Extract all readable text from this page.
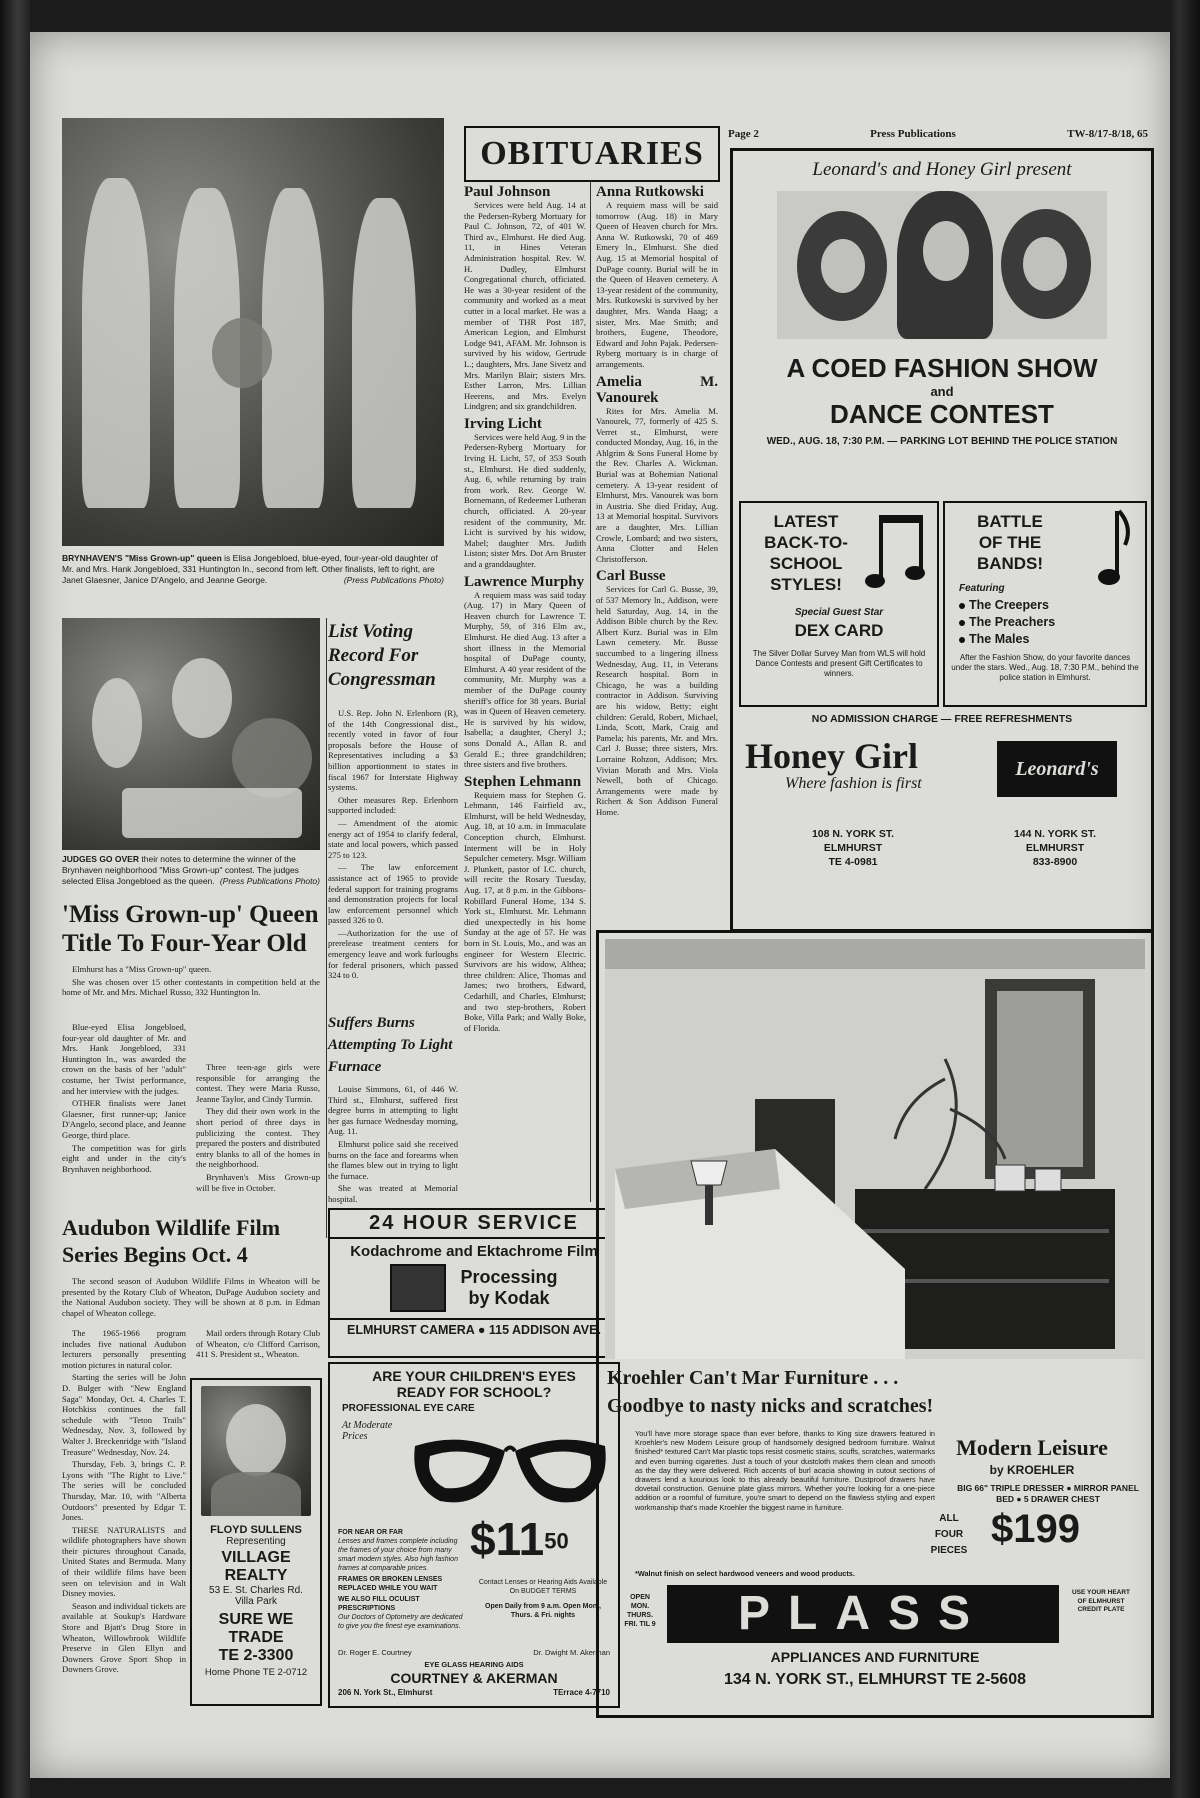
BRYNHAVEN'S "Miss Grown-up" queen is Elisa Jongebloed, blue-eyed, four-year-old daughter of Mr. and Mrs. Hank Jongebloed, 331 Huntington ln., second from left. Other finalists, left to right, are Janet Glaesner, Janice D'Angelo, and Jeanne George.	(Press Publications Photo)
JUDGES GO OVER their notes to determine the winner of the Brynhaven neighborhood "Miss Grown-up" contest. The judges selected Elisa Jongebloed as the queen. (Press Publications Photo)
'Miss Grown-up' Queen Title To Four-Year Old

Elmhurst has a "Miss Grown-up" queen.

She was chosen over 15 other contestants in competition held at the home of Mr. and Mrs. Michael Russo, 332 Huntington ln.

Blue-eyed Elisa Jongebloed, four-year old daughter of Mr. and Mrs. Hank Jongebloed, 331 Huntington ln., was awarded the crown on the basis of her "adult" costume, her Twist performance, and her interview with the judges.

OTHER finalists were Janet Glaesner, first runner-up; Janice D'Angelo, second place, and Jeanne George, third place.

The competition was for girls eight and under in the city's Brynhaven neighborhood.

Three teen-age girls were responsible for arranging the contest. They were Maria Russo, Jeanne Taylor, and Cindy Turmin.

They did their own work in the short period of three days in publicizing the contest. They prepared the posters and distributed entry blanks to all of the homes in the neighborhood.

Brynhaven's Miss Grown-up will be five in October.

Audubon Wildlife Film Series Begins Oct. 4

The second season of Audubon Wildlife Films in Wheaton will be presented by the Rotary Club of Wheaton, DuPage Audubon society and the National Audubon society. They will be shown at 8 p.m. in Edman chapel of Wheaton college.

The 1965-1966 program includes five national Audubon lecturers personally presenting motion pictures in natural color.

Starting the series will be John D. Bulger with "New England Saga" Monday, Oct. 4. Charles T. Hotchkiss continues the fall schedule with "Teton Trails" Wednesday, Nov. 3, followed by Walter J. Breckenridge with "Island Treasure" Wednesday, Nov. 24.

Thursday, Feb. 3, brings C. P. Lyons with "The Right to Live." The series will be concluded Thursday, Mar. 10, with "Alberta Outdoors" presented by Edgar T. Jones.

THESE NATURALISTS and wildlife photographers have shown their pictures throughout Canada, United States and Bermuda. Many of their wildlife films have been seen on television and in Walt Disney movies.

Season and individual tickets are available at Soukup's Hardware Store and Bjatt's Drug Store in Wheaton, Willowbrook Wildlife Preserve in Glen Ellyn and Downers Grove Sport Shop in Downers Grove.

Mail orders through Rotary Club of Wheaton, c/o Clifford Carrison, 411 S. President st., Wheaton.

FLOYD SULLENS
Representing
VILLAGE REALTY
53 E. St. Charles Rd.
Villa Park
SURE WE TRADE
TE 2-3300
Home Phone TE 2-0712
List Voting Record For Congressman

U.S. Rep. John N. Erlenborn (R), of the 14th Congressional dist., recently voted in favor of four proposals before the House of Representatives including a $3 billion apportionment to states in fiscal 1967 for Interstate Highway systems.

Other measures Rep. Erlenborn supported included:

— Amendment of the atomic energy act of 1954 to clarify federal, state and local powers, which passed 275 to 123.

— The law enforcement assistance act of 1965 to provide federal support for training programs and demonstration projects for local law enforcement personnel which passed 326 to 0.

—Authorization for the use of prerelease treatment centers for emergency leave and work furloughs for federal prisoners, which passed 324 to 0.

Suffers Burns Attempting To Light Furnace

Louise Simmons, 61, of 446 W. Third st., Elmhurst, suffered first degree burns in attempting to light her gas furnace Wednesday morning, Aug. 11.

Elmhurst police said she received burns on the face and forearms when the flames blew out in trying to light the furnace.

She was treated at Memorial hospital.

OBITUARIES
Paul Johnson

Services were held Aug. 14 at the Pedersen-Ryberg Mortuary for Paul C. Johnson, 72, of 401 W. Third av., Elmhurst. He died Aug. 11, in Hines Veteran Administration hospital. Rev. W. H. Dudley, Elmhurst Congregational church, officiated. He was a 30-year resident of the community and worked as a meat cutter in a local market. He was a member of THR Post 187, American Legion, and Elmhurst Lodge 941, AFAM. Mr. Johnson is survived by his widow, Gertrude L.; daughters, Mrs. Jane Sivetz and Mrs. Marilyn Blair; sisters Mrs. Esther Larron, Mrs. Lillian Heerens, and Mrs. Evelyn Lindgren; and six grandchildren.

Irving Licht

Services were held Aug. 9 in the Pedersen-Ryberg Mortuary for Irving H. Licht, 57, of 353 South st., Elmhurst. He died suddenly, Aug. 6, while returning by train from work. Rev. George W. Bornemann, of Redeemer Lutheran church, officiated. A 20-year resident of the community, Mr. Licht is survived by his widow, Mabel; daughter Mrs. Judith Liston; sister Mrs. Dot Arn Bruster and a granddaughter.

Lawrence Murphy

A requiem mass was said today (Aug. 17) in Mary Queen of Heaven church for Lawrence T. Murphy, 59, of 316 Elm av., Elmhurst. He died Aug. 13 after a short illness in the Memorial hospital of DuPage county, Elmhurst. A 40 year resident of the community, Mr. Murphy was a member of the DuPage county sheriff's office for 38 years. Burial was in Queen of Heaven cemetery. He is survived by his widow, Isabella; a daughter, Cheryl J.; sons Donald A., Allan R. and Gerald E.; three grandchildren; three sisters and five brothers.

Stephen Lehmann

Requiem mass for Stephen G. Lehmann, 146 Fairfield av., Elmhurst, will be held Wednesday, Aug. 18, at 10 a.m. in Immaculate Conception church, Elmhurst. Interment will be in Holy Sepulcher cemetery. Msgr. William J. Plunkett, pastor of I.C. church, will recite the Rosary Tuesday, Aug. 17, at 8 p.m. in the Gibbons-Robillard Funeral Home, 134 S. York st., Elmhurst. Mr. Lehmann died unexpectedly in his home Sunday at the age of 57. He was born in St. Louis, Mo., and was an engineer for Western Electric. Survivors are his widow, Althea; three children: Alice, Thomas and James; two brothers, Edward, Cedarhill, and Charles, Elmhurst; and two step-brothers, Robert Boke, Villa Park; and Wally Boke, of Florida.

Anna Rutkowski

A requiem mass will be said tomorrow (Aug. 18) in Mary Queen of Heaven church for Mrs. Anna W. Rutkowski, 70 of 469 Emery ln., Elmhurst. She died Aug. 15 at Memorial hospital of DuPage county. Burial will be in the Queen of Heaven cemetery. A 13-year resident of the community, Mrs. Rutkowski is survived by her daughter, Mrs. Wanda Haag; a sister, Mrs. Mae Smith; and brothers, Eugene, Theodore, Edward and John Pajak. Pedersen-Ryberg mortuary is in charge of arrangements.

Amelia M. Vanourek

Rites for Mrs. Amelia M. Vanourek, 77, formerly of 425 S. Verret st., Elmhurst, were conducted Monday, Aug. 16, in the Ahlgrim & Sons Funeral Home by the Rev. Charles A. Wickman. Burial was at Bohemian National cemetery. A 13-year resident of Elmhurst, Mrs. Vanourek was born in Austria. She died Friday, Aug. 13 at Memorial hospital. Survivors are a daughter, Mrs. Lillian Crowle, Lombard; and two sisters, Anna Clotter and Helen Christofferson.

Carl Busse

Services for Carl G. Busse, 39, of 537 Memory ln., Addison, were held Saturday, Aug. 14, in the Addison Bible church by the Rev. Albert Kurz. Burial was in Elm Lawn cemetery. Mr. Busse succumbed to a lingering illness Wednesday, Aug. 11, in Veterans Research hospital. Born in Chicago, he was a building contractor in Addison. Surviving are his widow, Betty; eight children: Gerald, Robert, Michael, Linda, Scott, Mark, Craig and Pamela; his parents, Mr. and Mrs. Carl J. Busse; three sisters, Mrs. Lorraine Rohzon, Addison; Mrs. Vivian Morath and Mrs. Viola Newell, both of Chicago. Arrangements were made by Richert & Son Addison Funeral Home.

24 HOUR SERVICE
Kodachrome and Ektachrome Film
Processing
by Kodak
ELMHURST CAMERA ● 115 ADDISON AVE.
ARE YOUR CHILDREN'S EYES
READY FOR SCHOOL?
PROFESSIONAL EYE CARE
At Moderate Prices
FOR NEAR OR FAR
Lenses and frames complete including the frames of your choice from many smart modern styles. Also high fashion frames at comparable prices.
FRAMES OR BROKEN LENSES REPLACED WHILE YOU WAIT
WE ALSO FILL OCULIST PRESCRIPTIONS
Our Doctors of Optometry are dedicated to give you the finest eye examinations.
$\$11^{50}$
Contact Lenses or Hearing Aids Available On BUDGET TERMS
Open Daily from 9 a.m. Open Mon., Thurs. & Fri. nights
Dr. Roger E. Courtney	Dr. Dwight M. Akerman
EYE GLASS HEARING AIDS
COURTNEY & AKERMAN
206 N. York St., Elmhurst	TErrace 4-7710
Page 2	Press Publications	TW-8/17-8/18, 65
Leonard's and Honey Girl present
A COED FASHION SHOW
and
DANCE CONTEST
WED., AUG. 18, 7:30 P.M. — PARKING LOT BEHIND THE POLICE STATION
LATEST
BACK-TO-
SCHOOL
STYLES!
Special Guest Star
DEX CARD
The Silver Dollar Survey Man from WLS will hold Dance Contests and present Gift Certificates to winners.
BATTLE
OF THE
BANDS!
Featuring
The Creepers
The Preachers
The Males
After the Fashion Show, do your favorite dances under the stars. Wed., Aug. 18, 7:30 P.M., behind the police station in Elmhurst.
NO ADMISSION CHARGE — FREE REFRESHMENTS
Honey Girl
Where fashion is first
Leonard's
108 N. YORK ST.
ELMHURST
TE 4-0981
144 N. YORK ST.
ELMHURST
833-8900
Kroehler Can't Mar Furniture . . .
Goodbye to nasty nicks and scratches!
You'll have more storage space than ever before, thanks to King size drawers featured in Kroehler's new Modern Leisure group of handsomely designed bedroom furniture. Walnut finished* textured Can't Mar plastic tops resist cosmetic stains, scuffs, scratches, watermarks and even burning cigarettes. Just a touch of your dustcloth makes them clean and smooth as the day they were delivered. Rich accents of burl acacia showing in cutout sections of drawers lend a luxurious look to this already beautiful furniture. Dustproof drawers have dovetail construction. Genuine plate glass mirrors. Whether you're looking for a one-piece addition or a roomful of furniture, you're smart to depend on the flawless styling and expert workmanship that's made Kroehler the biggest name in furniture.
*Walnut finish on select hardwood veneers and wood products.
Modern Leisure
by KROEHLER
BIG 66" TRIPLE DRESSER ● MIRROR PANEL BED ● 5 DRAWER CHEST
ALL
FOUR
PIECES $199
OPEN MON. THURS. FRI. TIL 9	PLASS	USE YOUR HEART OF ELMHURST CREDIT PLATE
APPLIANCES AND FURNITURE
134 N. YORK ST., ELMHURST TE 2-5608
